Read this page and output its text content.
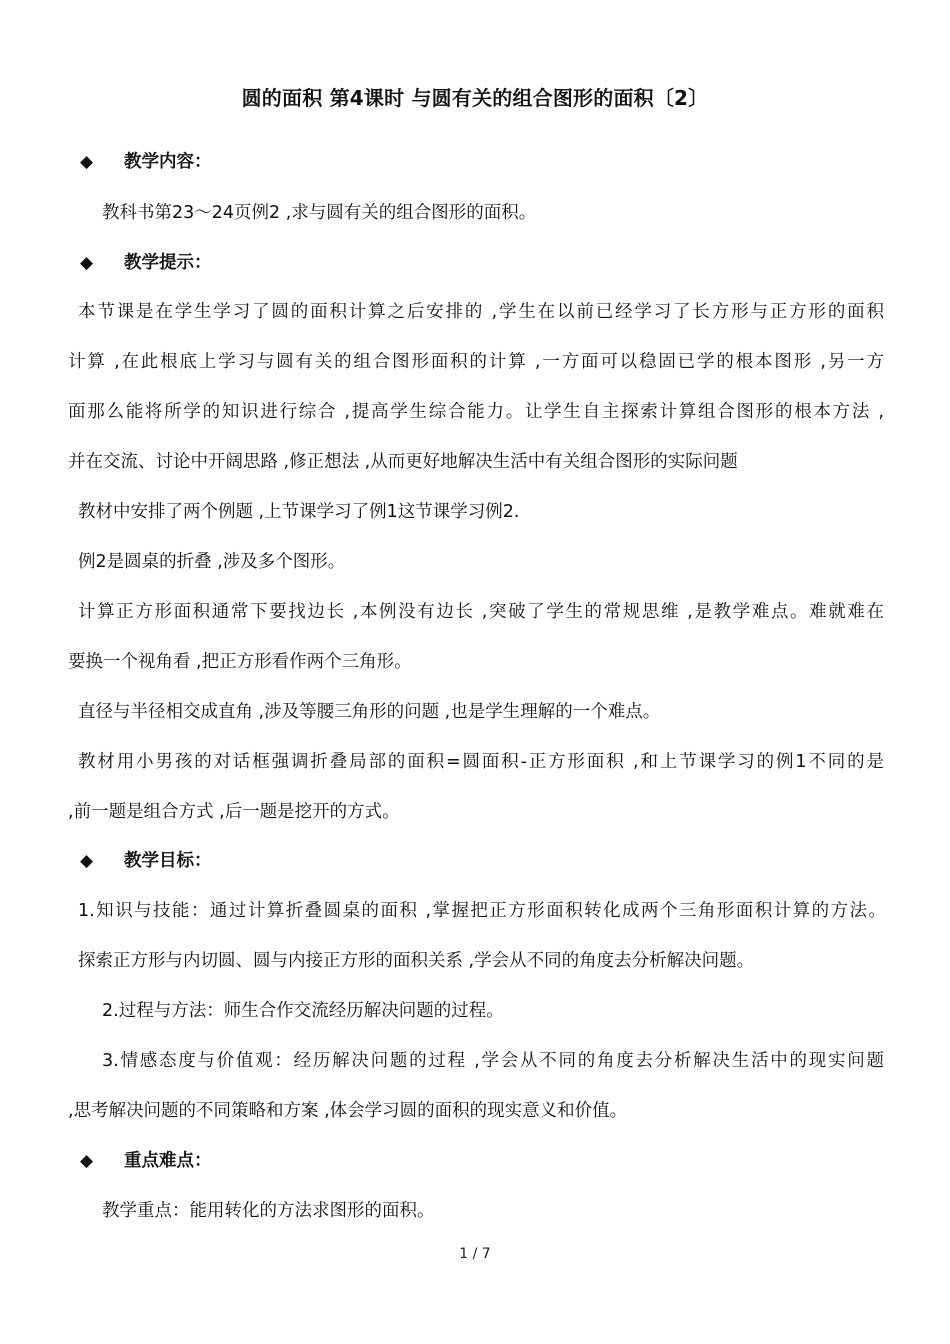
圆的面积 第4课时 与圆有关的组合图形的面积〔2〕
◆ 教学内容：
教科书第23～24页例2 ,求与圆有关的组合图形的面积。
◆ 教学提示：
本节课是在学生学习了圆的面积计算之后安排的 ,学生在以前已经学习了长方形与正方形的面积
计算 ,在此根底上学习与圆有关的组合图形面积的计算 ,一方面可以稳固已学的根本图形 ,另一方
面那么能将所学的知识进行综合 ,提高学生综合能力。让学生自主探索计算组合图形的根本方法 ,
并在交流、讨论中开阔思路 ,修正想法 ,从而更好地解决生活中有关组合图形的实际问题
教材中安排了两个例题 ,上节课学习了例1这节课学习例2.
例2是圆桌的折叠 ,涉及多个图形。
计算正方形面积通常下要找边长 ,本例没有边长 ,突破了学生的常规思维 ,是教学难点。难就难在
要换一个视角看 ,把正方形看作两个三角形。
直径与半径相交成直角 ,涉及等腰三角形的问题 ,也是学生理解的一个难点。
教材用小男孩的对话框强调折叠局部的面积=圆面积-正方形面积 ,和上节课学习的例1不同的是
,前一题是组合方式 ,后一题是挖开的方式。
◆ 教学目标：
1.知识与技能：通过计算折叠圆桌的面积 ,掌握把正方形面积转化成两个三角形面积计算的方法。
探索正方形与内切圆、圆与内接正方形的面积关系 ,学会从不同的角度去分析解决问题。
2.过程与方法：师生合作交流经历解决问题的过程。
3.情感态度与价值观：经历解决问题的过程 ,学会从不同的角度去分析解决生活中的现实问题
,思考解决问题的不同策略和方案 ,体会学习圆的面积的现实意义和价值。
◆ 重点难点：
教学重点：能用转化的方法求图形的面积。
1 / 7
